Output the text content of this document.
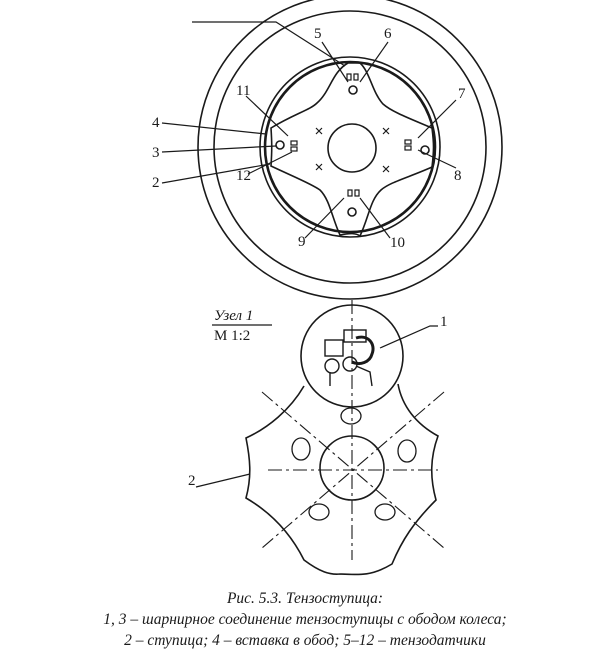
5	6
7
8
9	10
11
12
4
3
2
Узел 1
М 1:2
1
2
Рис. 5.3. Тензоступица:
1, 3 – шарнирное соединение тензоступицы с ободом колеса;
2 – ступица; 4 – вставка в обод; 5–12 – тензодатчики
